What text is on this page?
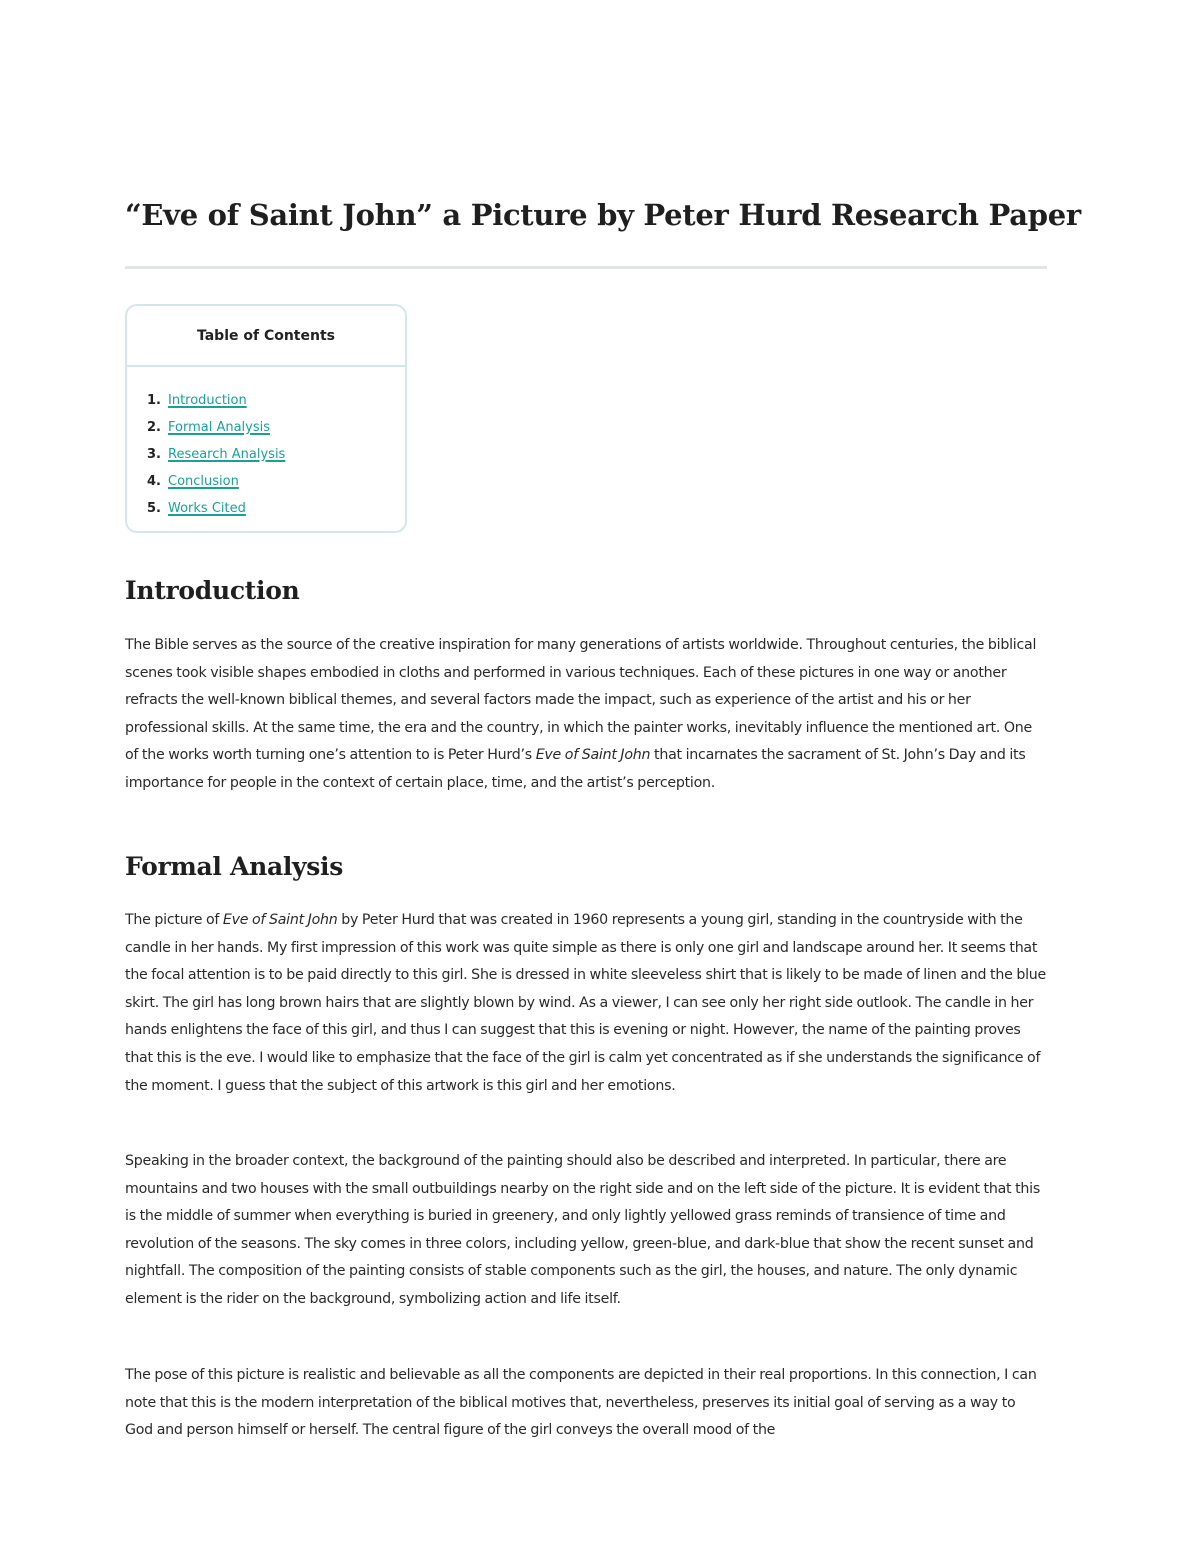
“Eve of Saint John” a Picture by Peter Hurd Research Paper
Table of Contents
1. Introduction
2. Formal Analysis
3. Research Analysis
4. Conclusion
5. Works Cited
Introduction

The Bible serves as the source of the creative inspiration for many generations of artists worldwide. Throughout centuries, the biblical scenes took visible shapes embodied in cloths and performed in various techniques. Each of these pictures in one way or another refracts the well-known biblical themes, and several factors made the impact, such as experience of the artist and his or her professional skills. At the same time, the era and the country, in which the painter works, inevitably influence the mentioned art. One of the works worth turning one’s attention to is Peter Hurd’s Eve of Saint John that incarnates the sacrament of St. John’s Day and its importance for people in the context of certain place, time, and the artist’s perception.

Formal Analysis

The picture of Eve of Saint John by Peter Hurd that was created in 1960 represents a young girl, standing in the countryside with the candle in her hands. My first impression of this work was quite simple as there is only one girl and landscape around her. It seems that the focal attention is to be paid directly to this girl. She is dressed in white sleeveless shirt that is likely to be made of linen and the blue skirt. The girl has long brown hairs that are slightly blown by wind. As a viewer, I can see only her right side outlook. The candle in her hands enlightens the face of this girl, and thus I can suggest that this is evening or night. However, the name of the painting proves that this is the eve. I would like to emphasize that the face of the girl is calm yet concentrated as if she understands the significance of the moment. I guess that the subject of this artwork is this girl and her emotions.

Speaking in the broader context, the background of the painting should also be described and interpreted. In particular, there are mountains and two houses with the small outbuildings nearby on the right side and on the left side of the picture. It is evident that this is the middle of summer when everything is buried in greenery, and only lightly yellowed grass reminds of transience of time and revolution of the seasons. The sky comes in three colors, including yellow, green-blue, and dark-blue that show the recent sunset and nightfall. The composition of the painting consists of stable components such as the girl, the houses, and nature. The only dynamic element is the rider on the background, symbolizing action and life itself.

The pose of this picture is realistic and believable as all the components are depicted in their real proportions. In this connection, I can note that this is the modern interpretation of the biblical motives that, nevertheless, preserves its initial goal of serving as a way to God and person himself or herself. The central figure of the girl conveys the overall mood of the
